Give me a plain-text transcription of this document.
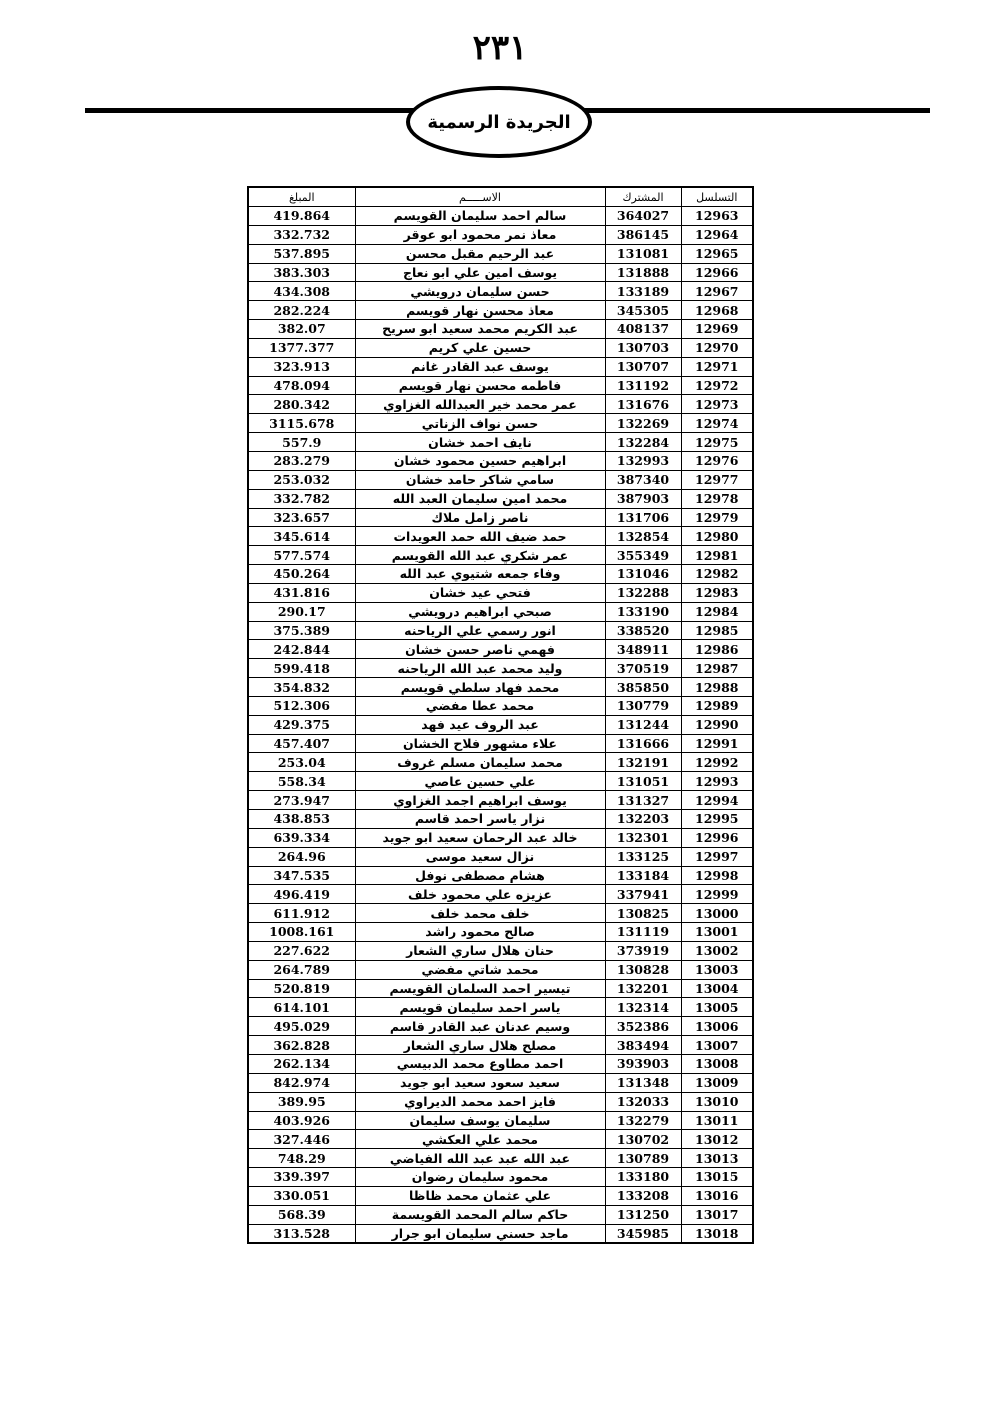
٢٣١
الجريدة الرسمية
التسلسل	المشترك	الاســـــم	المبلغ
12963	364027	سالم احمد سليمان القويسم	419.864
12964	386145	معاذ نمر محمود ابو عوقر	332.732
12965	131081	عبد الرحيم مقبل محسن	537.895
12966	131888	يوسف امين علي ابو نعاج	383.303
12967	133189	حسن سليمان درويشي	434.308
12968	345305	معاذ محسن نهار قويسم	282.224
12969	408137	عبد الكريم محمد سعيد ابو سريح	382.07
12970	130703	حسين علي كريم	1377.377
12971	130707	يوسف عبد القادر غانم	323.913
12972	131192	فاطمه محسن نهار قويسم	478.094
12973	131676	عمر محمد خير العبدالله الغزاوي	280.342
12974	132269	حسن نواف الزناتي	3115.678
12975	132284	نايف احمد خشان	557.9
12976	132993	ابراهيم حسين محمود خشان	283.279
12977	387340	سامي شاكر حامد خشان	253.032
12978	387903	محمد امين سليمان العبد الله	332.782
12979	131706	ناصر زامل ملاك	323.657
12980	132854	حمد ضيف الله حمد العويدات	345.614
12981	355349	عمر شكري عبد الله القويسم	577.574
12982	131046	وفاء جمعه شتيوي عبد الله	450.264
12983	132288	فتحي عيد خشان	431.816
12984	133190	صبحي ابراهيم درويشي	290.17
12985	338520	انور رسمي علي الرياحنه	375.389
12986	348911	فهمي ناصر حسن خشان	242.844
12987	370519	وليد محمد عبد الله الرياحنه	599.418
12988	385850	محمد فهاد سلطي قويسم	354.832
12989	130779	محمد عطا مفضي	512.306
12990	131244	عبد الروف عيد فهد	429.375
12991	131666	علاء مشهور فلاح الخشان	457.407
12992	132191	محمد سليمان مسلم غروف	253.04
12993	131051	علي حسين عاصي	558.34
12994	131327	يوسف ابراهيم اجمد الغزاوي	273.947
12995	132203	نزار ياسر احمد قاسم	438.853
12996	132301	خالد عبد الرحمان سعيد ابو جويد	639.334
12997	133125	نزال سعيد موسى	264.96
12998	133184	هشام مصطفى نوفل	347.535
12999	337941	عزيزه علي محمود خلف	496.419
13000	130825	خلف محمد خلف	611.912
13001	131119	صالح محمود راشد	1008.161
13002	373919	حنان هلال ساري الشعار	227.622
13003	130828	محمد شاتي مفضي	264.789
13004	132201	تيسير احمد السلمان القويسم	520.819
13005	132314	ياسر احمد سليمان قويسم	614.101
13006	352386	وسيم عدنان عبد القادر قاسم	495.029
13007	383494	مصلح هلال ساري الشعار	362.828
13008	393903	احمد مطاوع محمد الدبيسي	262.134
13009	131348	سعيد سعود سعيد ابو جويد	842.974
13010	132033	فايز احمد محمد الديراوي	389.95
13011	132279	سليمان يوسف سليمان	403.926
13012	130702	محمد علي العكشي	327.446
13013	130789	عبد الله عبد عبد الله الفياضي	748.29
13015	133180	محمود سليمان رضوان	339.397
13016	133208	علي عثمان محمد ظاظا	330.051
13017	131250	حاكم سالم المحمد القويسمة	568.39
13018	345985	ماجد حسني سليمان ابو جرار	313.528
